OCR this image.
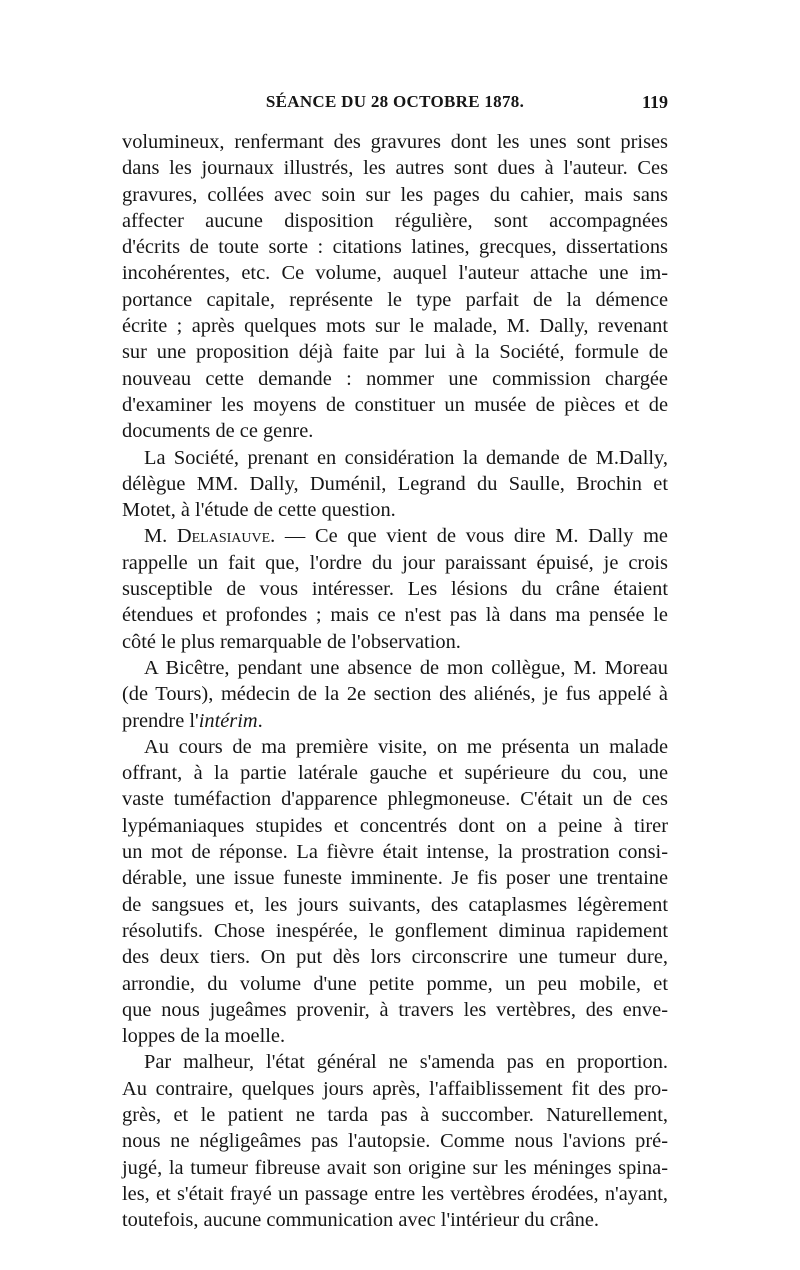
SÉANCE DU 28 OCTOBRE 1878.	119
volumineux, renfermant des gravures dont les unes sont prises
dans les journaux illustrés, les autres sont dues à l'auteur. Ces
gravures, collées avec soin sur les pages du cahier, mais sans
affecter aucune disposition régulière, sont accompagnées
d'écrits de toute sorte : citations latines, grecques, dissertations
incohérentes, etc. Ce volume, auquel l'auteur attache une im-
portance capitale, représente le type parfait de la démence
écrite ; après quelques mots sur le malade, M. Dally, revenant
sur une proposition déjà faite par lui à la Société, formule de
nouveau cette demande : nommer une commission chargée
d'examiner les moyens de constituer un musée de pièces et de
documents de ce genre.
La Société, prenant en considération la demande de M.Dally,
délègue MM. Dally, Duménil, Legrand du Saulle, Brochin et
Motet, à l'étude de cette question.
M. Delasiauve. — Ce que vient de vous dire M. Dally me
rappelle un fait que, l'ordre du jour paraissant épuisé, je crois
susceptible de vous intéresser. Les lésions du crâne étaient
étendues et profondes ; mais ce n'est pas là dans ma pensée le
côté le plus remarquable de l'observation.
A Bicêtre, pendant une absence de mon collègue, M. Moreau
(de Tours), médecin de la 2e section des aliénés, je fus appelé à
prendre l'intérim.
Au cours de ma première visite, on me présenta un malade
offrant, à la partie latérale gauche et supérieure du cou, une
vaste tuméfaction d'apparence phlegmoneuse. C'était un de ces
lypémaniaques stupides et concentrés dont on a peine à tirer
un mot de réponse. La fièvre était intense, la prostration consi-
dérable, une issue funeste imminente. Je fis poser une trentaine
de sangsues et, les jours suivants, des cataplasmes légèrement
résolutifs. Chose inespérée, le gonflement diminua rapidement
des deux tiers. On put dès lors circonscrire une tumeur dure,
arrondie, du volume d'une petite pomme, un peu mobile, et
que nous jugeâmes provenir, à travers les vertèbres, des enve-
loppes de la moelle.
Par malheur, l'état général ne s'amenda pas en proportion.
Au contraire, quelques jours après, l'affaiblissement fit des pro-
grès, et le patient ne tarda pas à succomber. Naturellement,
nous ne négligeâmes pas l'autopsie. Comme nous l'avions pré-
jugé, la tumeur fibreuse avait son origine sur les méninges spina-
les, et s'était frayé un passage entre les vertèbres érodées, n'ayant,
toutefois, aucune communication avec l'intérieur du crâne.
